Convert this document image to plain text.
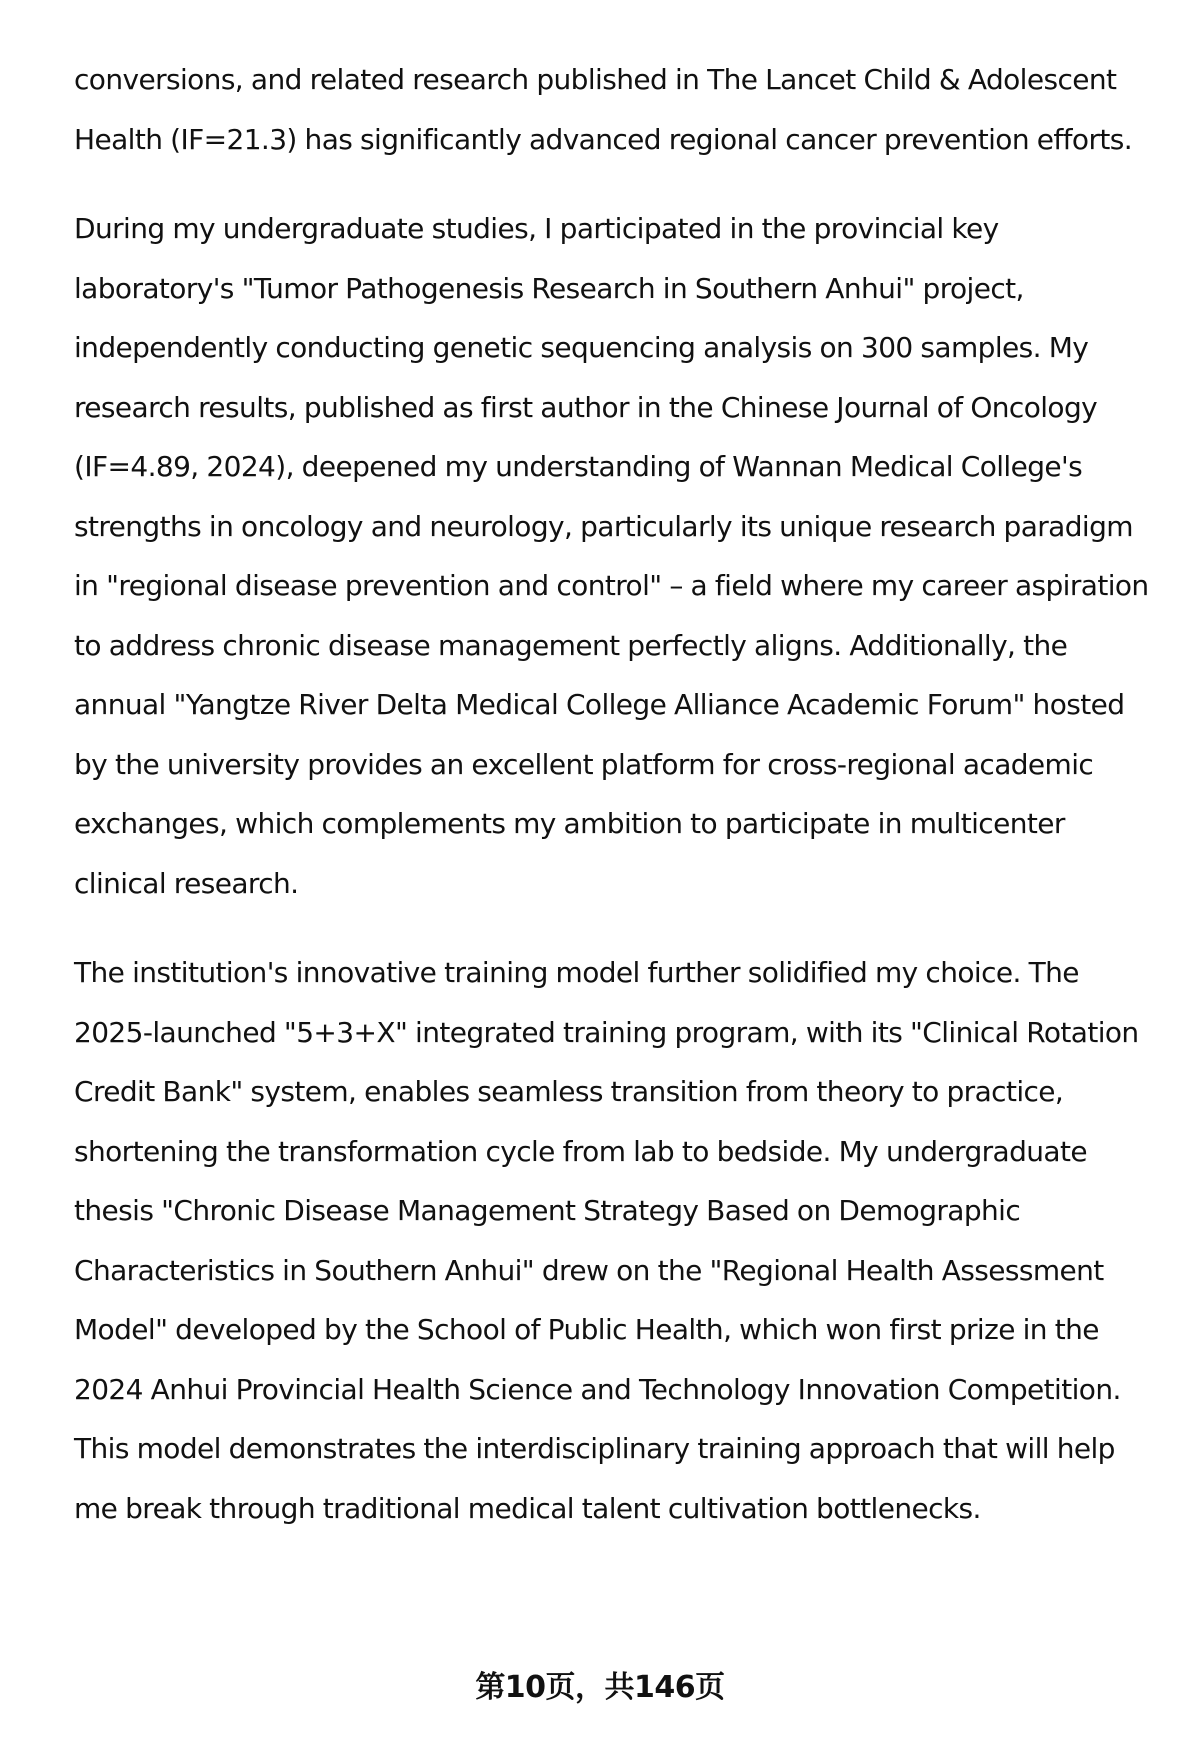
conversions, and related research published in The Lancet Child & Adolescent Health (IF=21.3) has significantly advanced regional cancer prevention efforts.

During my undergraduate studies, I participated in the provincial key laboratory's "Tumor Pathogenesis Research in Southern Anhui" project, independently conducting genetic sequencing analysis on 300 samples. My research results, published as first author in the Chinese Journal of Oncology (IF=4.89, 2024), deepened my understanding of Wannan Medical College's strengths in oncology and neurology, particularly its unique research paradigm in "regional disease prevention and control" – a field where my career aspiration to address chronic disease management perfectly aligns. Additionally, the annual "Yangtze River Delta Medical College Alliance Academic Forum" hosted by the university provides an excellent platform for cross-regional academic exchanges, which complements my ambition to participate in multicenter clinical research.

The institution's innovative training model further solidified my choice. The 2025-launched "5+3+X" integrated training program, with its "Clinical Rotation Credit Bank" system, enables seamless transition from theory to practice, shortening the transformation cycle from lab to bedside. My undergraduate thesis "Chronic Disease Management Strategy Based on Demographic Characteristics in Southern Anhui" drew on the "Regional Health Assessment Model" developed by the School of Public Health, which won first prize in the 2024 Anhui Provincial Health Science and Technology Innovation Competition. This model demonstrates the interdisciplinary training approach that will help me break through traditional medical talent cultivation bottlenecks.

第10页，共146页
